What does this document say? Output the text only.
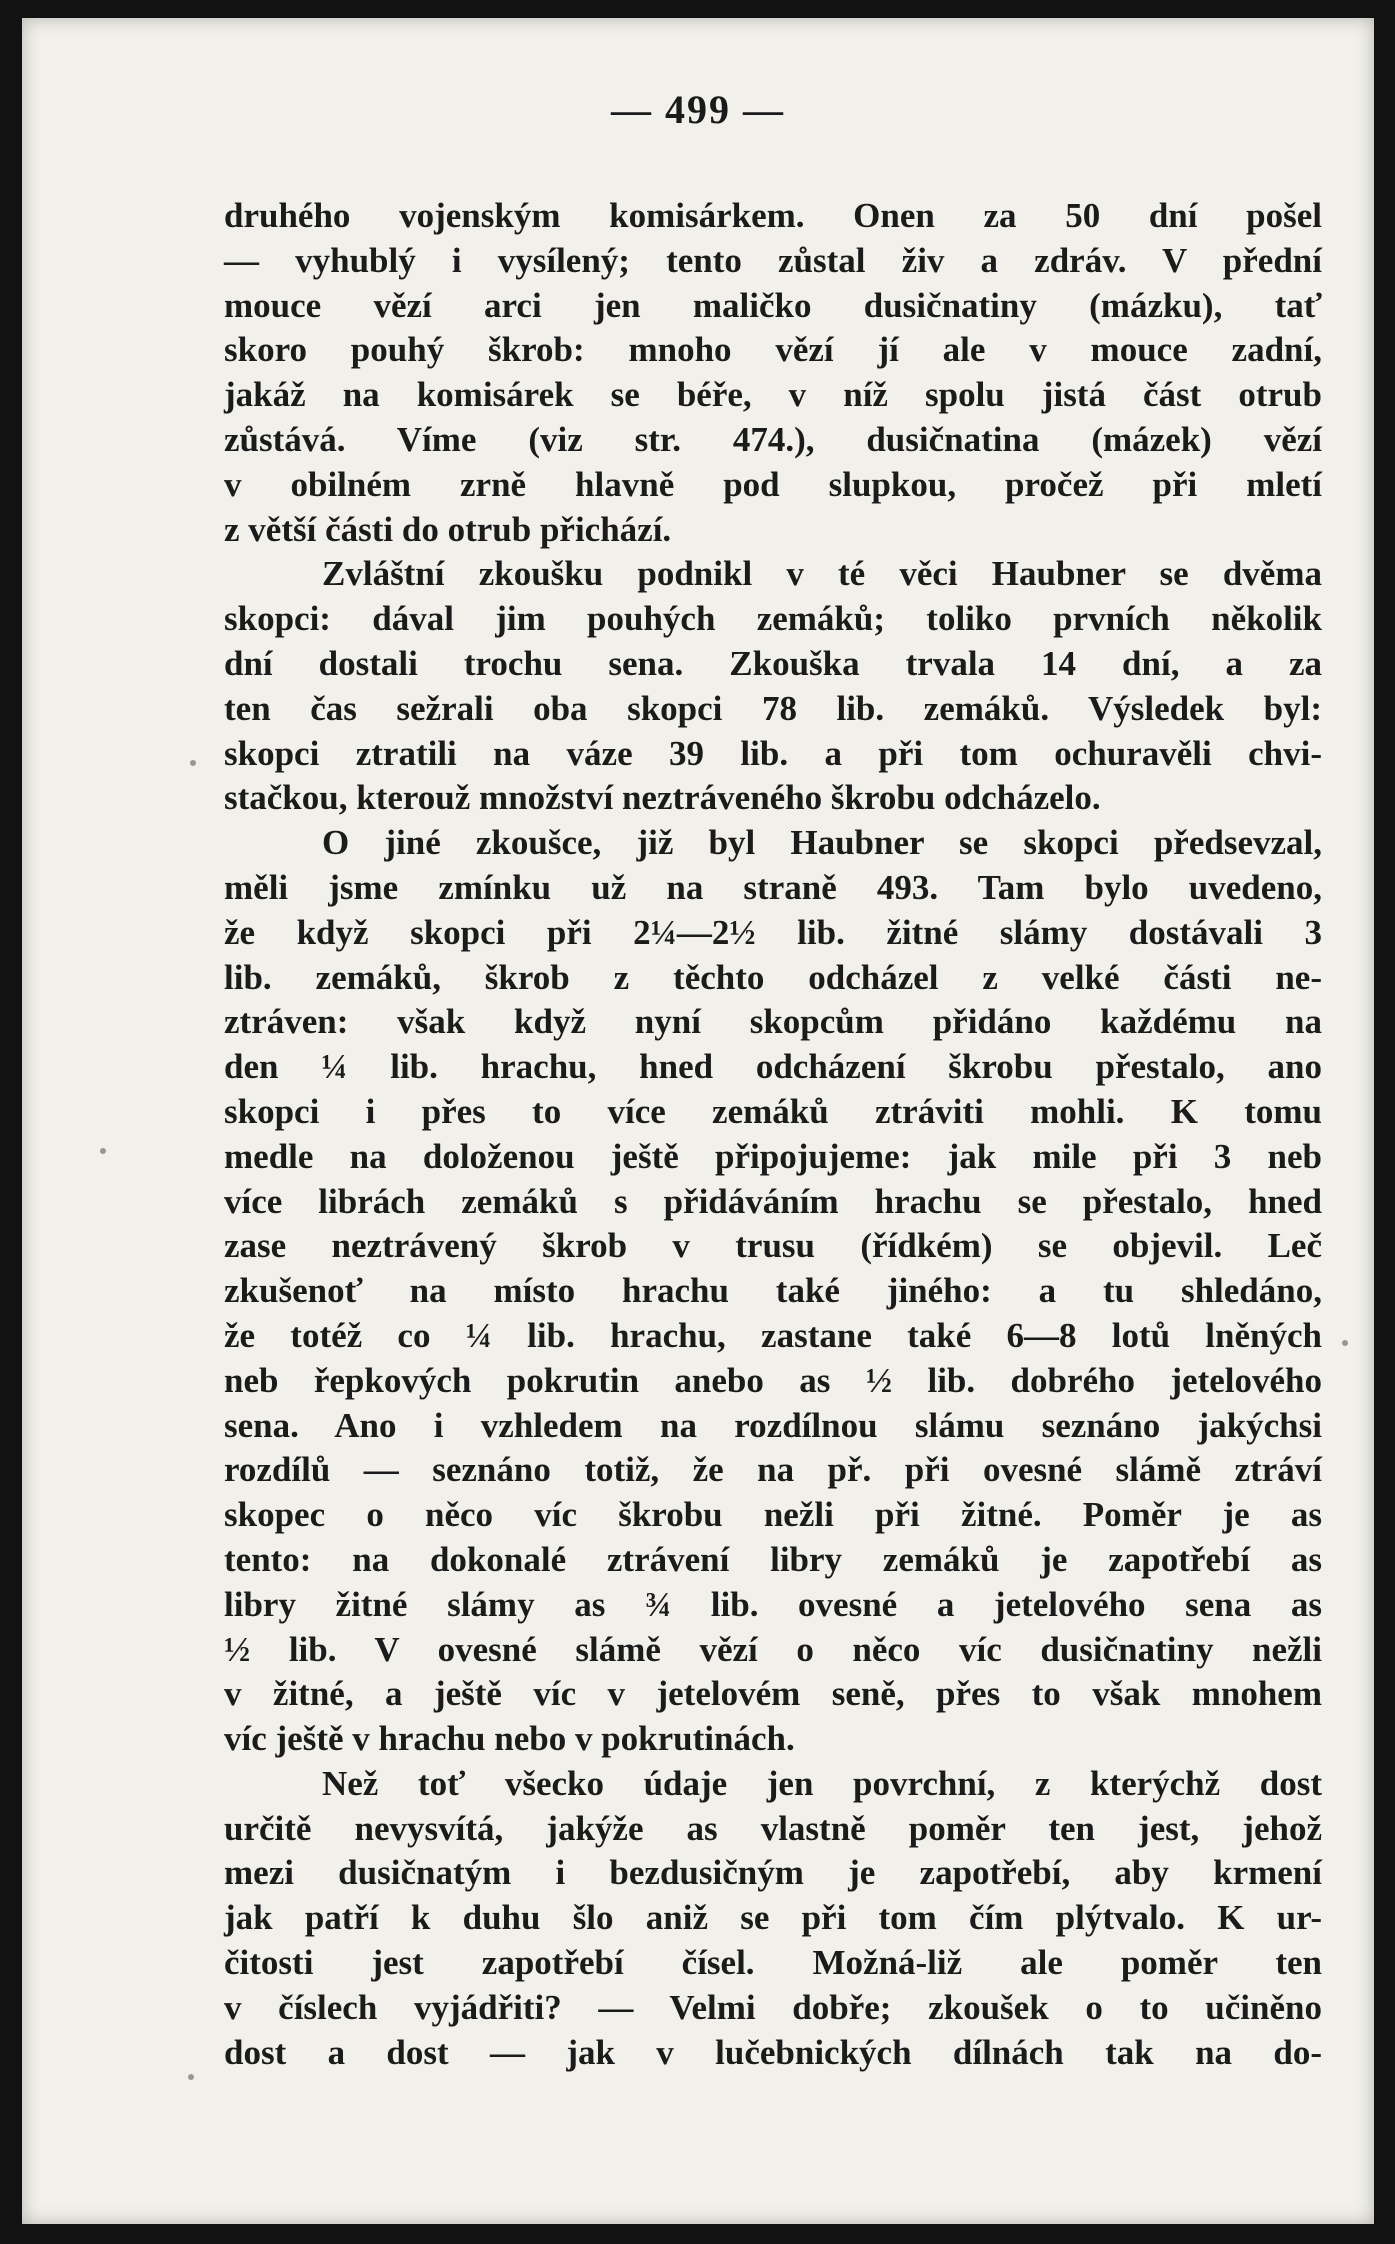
— 499 —
druhého vojenským komisárkem. Onen za 50 dní pošel
— vyhublý i vysílený; tento zůstal živ a zdráv. V přední
mouce vězí arci jen maličko dusičnatiny (mázku), tať
skoro pouhý škrob: mnoho vězí jí ale v mouce zadní,
jakáž na komisárek se béře, v níž spolu jistá část otrub
zůstává. Víme (viz str. 474.), dusičnatina (mázek) vězí
v obilném zrně hlavně pod slupkou, pročež při mletí
z větší části do otrub přichází.
Zvláštní zkoušku podnikl v té věci Haubner se dvěma
skopci: dával jim pouhých zemáků; toliko prvních několik
dní dostali trochu sena. Zkouška trvala 14 dní, a za
ten čas sežrali oba skopci 78 lib. zemáků. Výsledek byl:
skopci ztratili na váze 39 lib. a při tom ochuravěli chvi-
stačkou, kterouž množství neztráveného škrobu odcházelo.
O jiné zkoušce, již byl Haubner se skopci předsevzal,
měli jsme zmínku už na straně 493. Tam bylo uvedeno,
že když skopci při 2¼—2½ lib. žitné slámy dostávali 3
lib. zemáků, škrob z těchto odcházel z velké části ne-
ztráven: však když nyní skopcům přidáno každému na
den ¼ lib. hrachu, hned odcházení škrobu přestalo, ano
skopci i přes to více zemáků ztráviti mohli. K tomu
medle na doloženou ještě připojujeme: jak mile při 3 neb
více librách zemáků s přidáváním hrachu se přestalo, hned
zase neztrávený škrob v trusu (řídkém) se objevil. Leč
zkušenoť na místo hrachu také jiného: a tu shledáno,
že totéž co ¼ lib. hrachu, zastane také 6—8 lotů lněných
neb řepkových pokrutin anebo as ½ lib. dobrého jetelového
sena. Ano i vzhledem na rozdílnou slámu seznáno jakýchsi
rozdílů — seznáno totiž, že na př. při ovesné slámě ztráví
skopec o něco víc škrobu nežli při žitné. Poměr je as
tento: na dokonalé ztrávení libry zemáků je zapotřebí as
libry žitné slámy as ¾ lib. ovesné a jetelového sena as
½ lib. V ovesné slámě vězí o něco víc dusičnatiny nežli
v žitné, a ještě víc v jetelovém seně, přes to však mnohem
víc ještě v hrachu nebo v pokrutinách.
Než toť všecko údaje jen povrchní, z kterýchž dost
určitě nevysvítá, jakýže as vlastně poměr ten jest, jehož
mezi dusičnatým i bezdusičným je zapotřebí, aby krmení
jak patří k duhu šlo aniž se při tom čím plýtvalo. K ur-
čitosti jest zapotřebí čísel. Možná-liž ale poměr ten
v číslech vyjádřiti? — Velmi dobře; zkoušek o to učiněno
dost a dost — jak v lučebnických dílnách tak na do-
